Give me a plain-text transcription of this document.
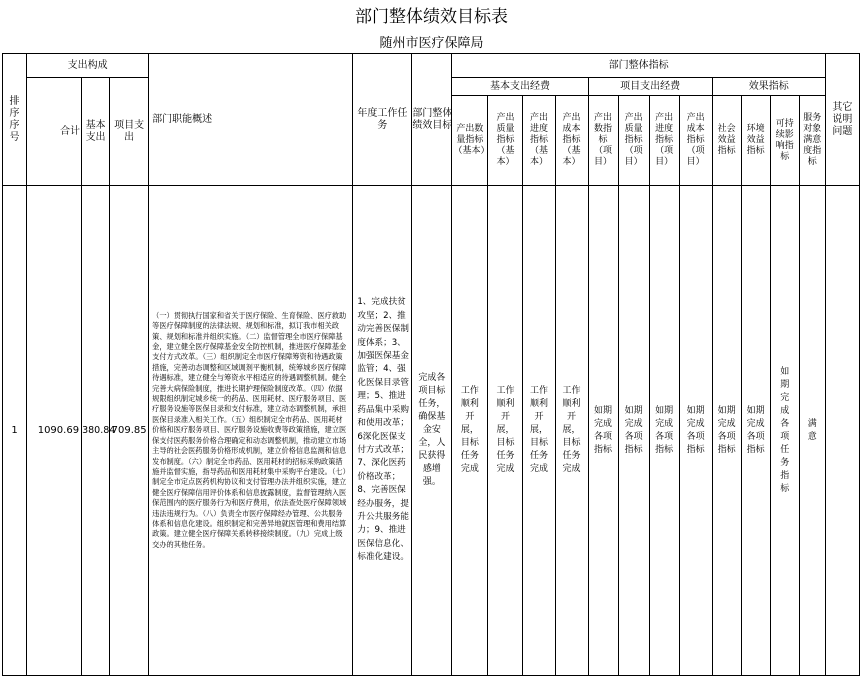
部门整体绩效目标表
随州市医疗保障局
排序序号	支出构成			部门职能概述	年度工作任务	部门整体绩效目标	部门整体指标												其它说明问题

	合计	基本支出	项目支出				基本支出经费				项目支出经费				效果指标				

							产出数量指标（基本）	产出质量指标（基本）	产出进度指标（基本）	产出成本指标（基本）	产出数指标（项目）	产出质量指标（项目）	产出进度指标（项目）	产出成本指标（项目）	社会效益指标	环境效益指标	可持续影响指标	服务对象满意度指标	

1	1090.69	380.84	709.85	（一）贯彻执行国家和省关于医疗保险、生育保险、医疗救助等医疗保障制度的法律法规、规划和标准，拟订我市相关政策、规划和标准并组织实施。（二）监督管理全市医疗保障基金，建立健全医疗保障基金安全防控机制，推进医疗保障基金支付方式改革。（三）组织制定全市医疗保障筹资和待遇政策措施，完善动态调整和区域调剂平衡机制，统筹城乡医疗保障待遇标准，建立健全与筹资水平相适应的待遇调整机制。健全完善大病保险制度，推进长期护理保险制度改革。（四）依据规限组织制定城乡统一的药品、医用耗材、医疗服务项目、医疗服务设施等医保目录和支付标准，建立动态调整机制，承担医保目录准入相关工作。（五）组织制定全市药品、医用耗材价格和医疗服务项目、医疗服务设施收费等政策措施，建立医保支付医药服务价格合理确定和动态调整机制，推动建立市场主导的社会医药服务价格形成机制，建立价格信息监测和信息发布制度。（六）制定全市药品、医用耗材的招标采购政策措施并监督实施，指导药品和医用耗材集中采购平台建设。（七）制定全市定点医药机构协议和支付管理办法并组织实施，建立健全医疗保障信用评价体系和信息披露制度，监督管理纳入医保范围内的医疗服务行为和医疗费用，依法查处医疗保障领域违法违规行为。（八）负责全市医疗保障经办管理、公共服务体系和信息化建设。组织制定和完善异地就医管理和费用结算政策。建立健全医疗保障关系转移接续制度。（九）完成上级交办的其他任务。	1、完成扶贫攻坚；2、推动完善医保制度体系；3、加强医保基金监管；4、强化医保目录管理；5、推进药品集中采购和使用改革；6深化医保支付方式改革；7、深化医药价格改革；8、完善医保经办服务，提升公共服务能力；9、推进医保信息化、标准化建设。	完成各项目标任务，确保基金安全，人民获得感增强。	工作顺利开展，目标任务完成	工作顺利开展，目标任务完成	工作顺利开展，目标任务完成	工作顺利开展，目标任务完成	如期完成各项指标	如期完成各项指标	如期完成各项指标	如期完成各项指标	如期完成各项指标	如期完成各项指标	如期完成各项任务指标	满意	
